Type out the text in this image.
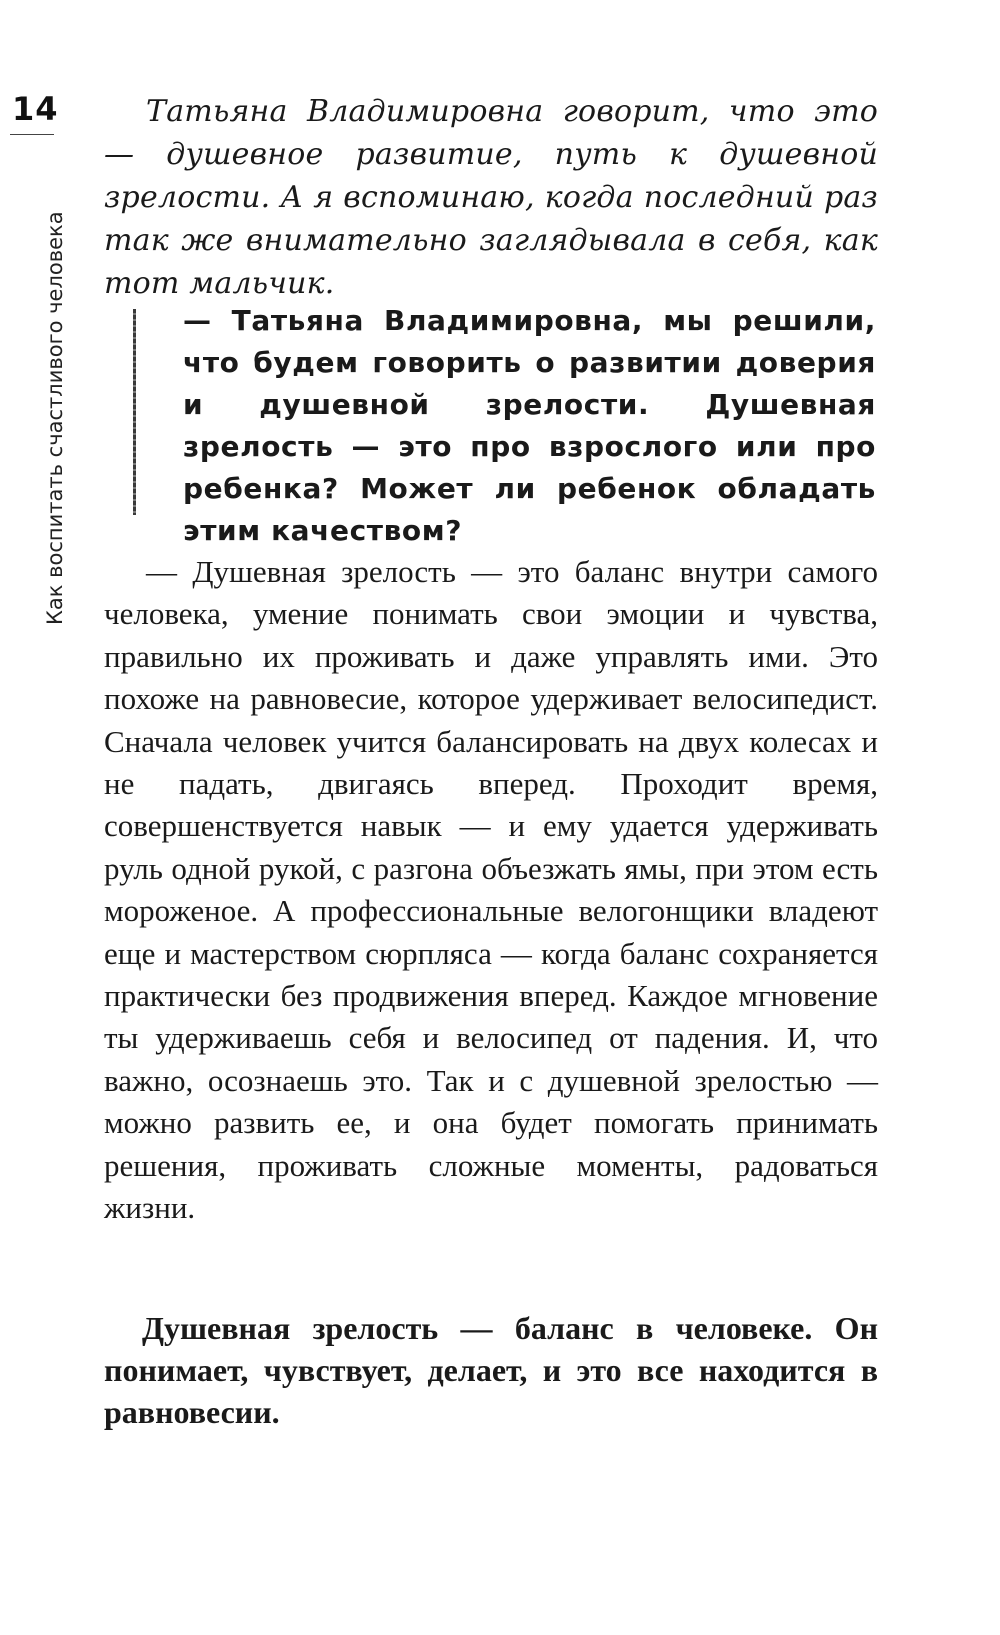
14
Как воспитать счастливого человека

Татьяна Владимировна говорит, что это — душевное развитие, путь к душевной зрелости. А я вспоминаю, когда последний раз так же внимательно заглядывала в себя, как тот мальчик.

— Татьяна Владимировна, мы решили, что будем говорить о развитии доверия и душевной зрелости. Душевная зрелость — это про взрослого или про ребенка? Может ли ребенок обладать этим качеством?

— Душевная зрелость — это баланс внутри самого человека, умение понимать свои эмоции и чувства, правильно их проживать и даже управлять ими. Это похоже на равновесие, которое удерживает велосипедист. Сначала человек учится балансировать на двух колесах и не падать, двигаясь вперед. Проходит время, совершенствуется навык — и ему удается удерживать руль одной рукой, с разгона объезжать ямы, при этом есть мороженое. А профессиональные велогонщики владеют еще и мастерством сюрпляса — когда баланс сохраняется практически без продвижения вперед. Каждое мгновение ты удерживаешь себя и велосипед от падения. И, что важно, осознаешь это. Так и с душевной зрелостью — можно развить ее, и она будет помогать принимать решения, проживать сложные моменты, радоваться жизни.

Душевная зрелость — баланс в человеке. Он понимает, чувствует, делает, и это все находится в равновесии.
